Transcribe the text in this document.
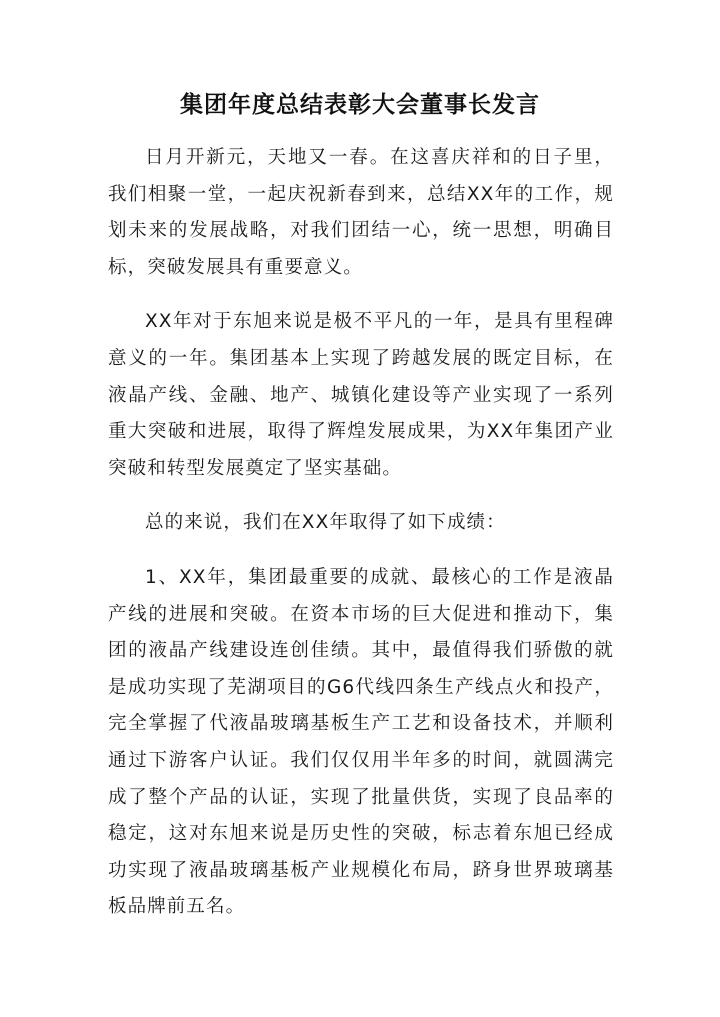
集团年度总结表彰大会董事长发言

日月开新元，天地又一春。在这喜庆祥和的日子里，我们相聚一堂，一起庆祝新春到来，总结XX年的工作，规划未来的发展战略，对我们团结一心，统一思想，明确目标，突破发展具有重要意义。

XX年对于东旭来说是极不平凡的一年，是具有里程碑意义的一年。集团基本上实现了跨越发展的既定目标，在液晶产线、金融、地产、城镇化建设等产业实现了一系列重大突破和进展，取得了辉煌发展成果，为XX年集团产业突破和转型发展奠定了坚实基础。

总的来说，我们在XX年取得了如下成绩：

1、XX年，集团最重要的成就、最核心的工作是液晶产线的进展和突破。在资本市场的巨大促进和推动下，集团的液晶产线建设连创佳绩。其中，最值得我们骄傲的就是成功实现了芜湖项目的G6代线四条生产线点火和投产，完全掌握了代液晶玻璃基板生产工艺和设备技术，并顺利通过下游客户认证。我们仅仅用半年多的时间，就圆满完成了整个产品的认证，实现了批量供货，实现了良品率的稳定，这对东旭来说是历史性的突破，标志着东旭已经成功实现了液晶玻璃基板产业规模化布局，跻身世界玻璃基板品牌前五名。
